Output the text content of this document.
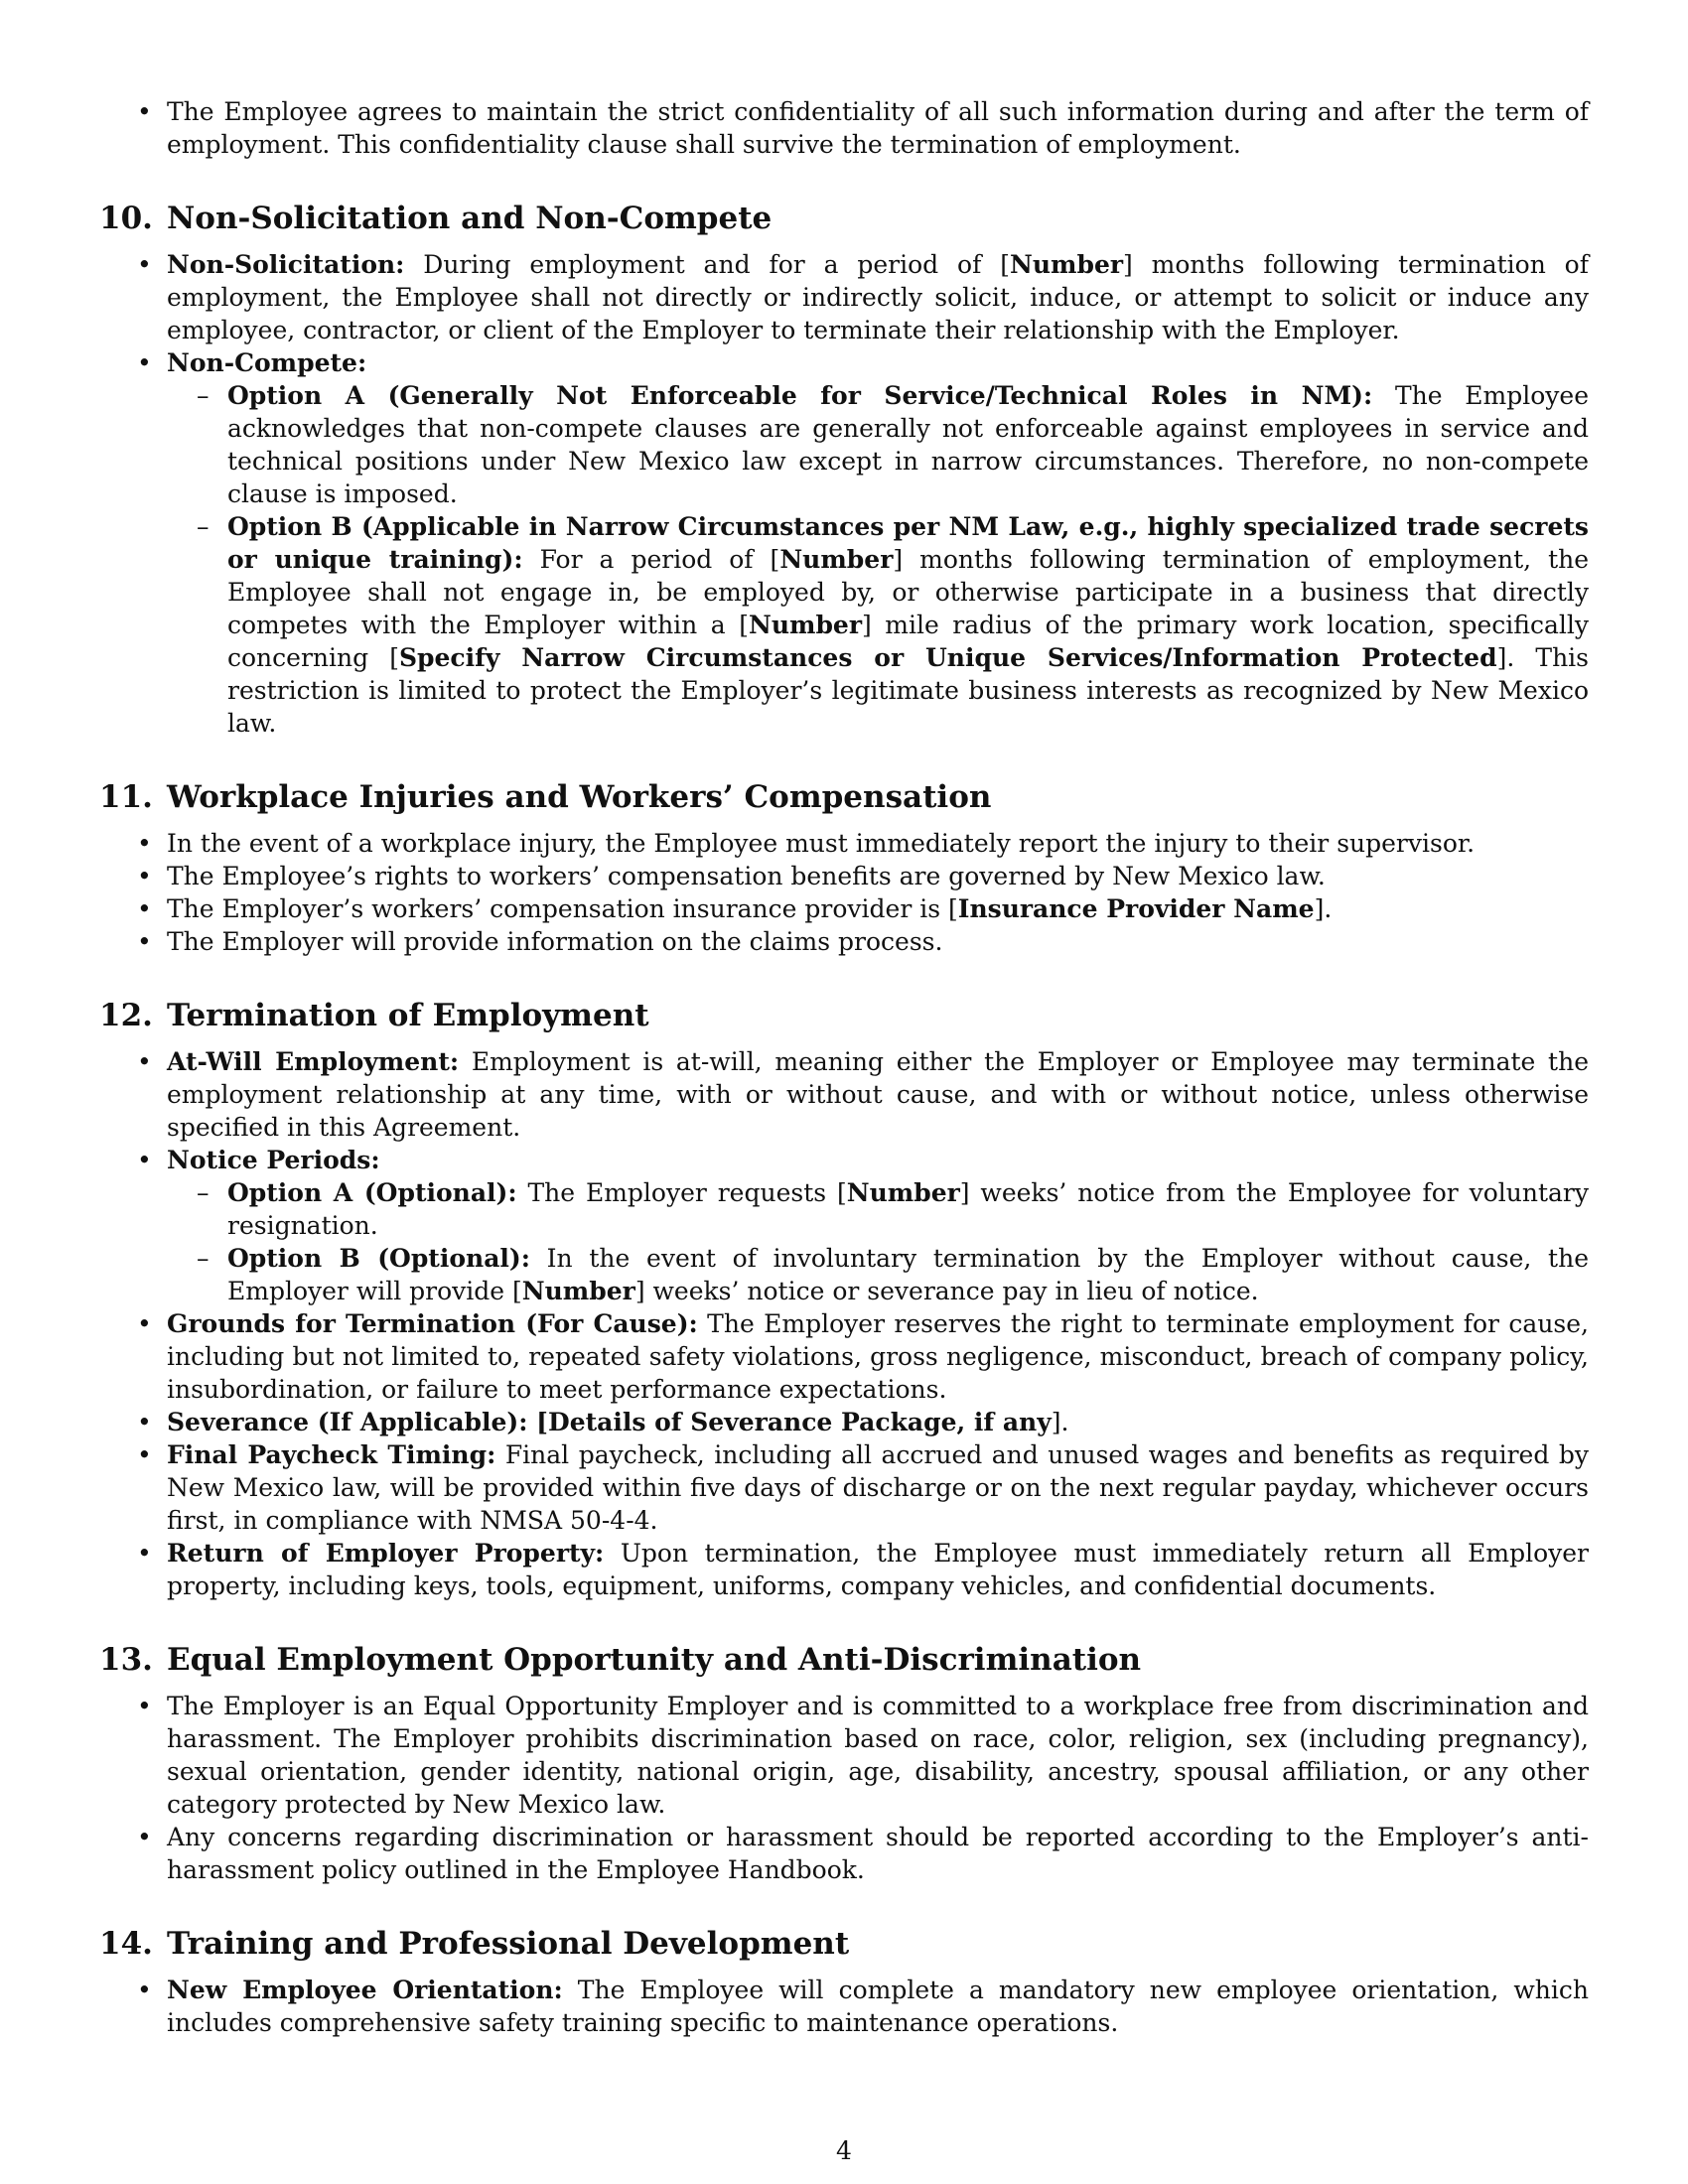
• The Employee agrees to maintain the strict confidentiality of all such information during and after the term of employment. This confidentiality clause shall survive the termination of employment.
10. Non-Solicitation and Non-Compete
• Non-Solicitation: During employment and for a period of [Number] months following termination of employment, the Employee shall not directly or indirectly solicit, induce, or attempt to solicit or induce any employee, contractor, or client of the Employer to terminate their relationship with the Employer.
• Non-Compete:
– Option A (Generally Not Enforceable for Service/Technical Roles in NM): The Employee acknowledges that non-compete clauses are generally not enforceable against employees in service and technical positions under New Mexico law except in narrow circumstances. Therefore, no non-compete clause is imposed.
– Option B (Applicable in Narrow Circumstances per NM Law, e.g., highly specialized trade secrets or unique training): For a period of [Number] months following termination of employment, the Employee shall not engage in, be employed by, or otherwise participate in a business that directly competes with the Employer within a [Number] mile radius of the primary work location, specifically concerning [Specify Narrow Circumstances or Unique Services/Information Protected]. This restriction is limited to protect the Employer’s legitimate business interests as recognized by New Mexico law.
11. Workplace Injuries and Workers’ Compensation
• In the event of a workplace injury, the Employee must immediately report the injury to their supervisor.
• The Employee’s rights to workers’ compensation benefits are governed by New Mexico law.
• The Employer’s workers’ compensation insurance provider is [Insurance Provider Name].
• The Employer will provide information on the claims process.
12. Termination of Employment
• At-Will Employment: Employment is at-will, meaning either the Employer or Employee may terminate the employment relationship at any time, with or without cause, and with or without notice, unless otherwise specified in this Agreement.
• Notice Periods:
– Option A (Optional): The Employer requests [Number] weeks’ notice from the Employee for voluntary resignation.
– Option B (Optional): In the event of involuntary termination by the Employer without cause, the Employer will provide [Number] weeks’ notice or severance pay in lieu of notice.
• Grounds for Termination (For Cause): The Employer reserves the right to terminate employment for cause, including but not limited to, repeated safety violations, gross negligence, misconduct, breach of company policy, insubordination, or failure to meet performance expectations.
• Severance (If Applicable): [Details of Severance Package, if any].
• Final Paycheck Timing: Final paycheck, including all accrued and unused wages and benefits as required by New Mexico law, will be provided within five days of discharge or on the next regular payday, whichever occurs first, in compliance with NMSA 50-4-4.
• Return of Employer Property: Upon termination, the Employee must immediately return all Employer property, including keys, tools, equipment, uniforms, company vehicles, and confidential documents.
13. Equal Employment Opportunity and Anti-Discrimination
• The Employer is an Equal Opportunity Employer and is committed to a workplace free from discrimination and harassment. The Employer prohibits discrimination based on race, color, religion, sex (including pregnancy), sexual orientation, gender identity, national origin, age, disability, ancestry, spousal affiliation, or any other category protected by New Mexico law.
• Any concerns regarding discrimination or harassment should be reported according to the Employer’s anti-harassment policy outlined in the Employee Handbook.
14. Training and Professional Development
• New Employee Orientation: The Employee will complete a mandatory new employee orientation, which includes comprehensive safety training specific to maintenance operations.
4
